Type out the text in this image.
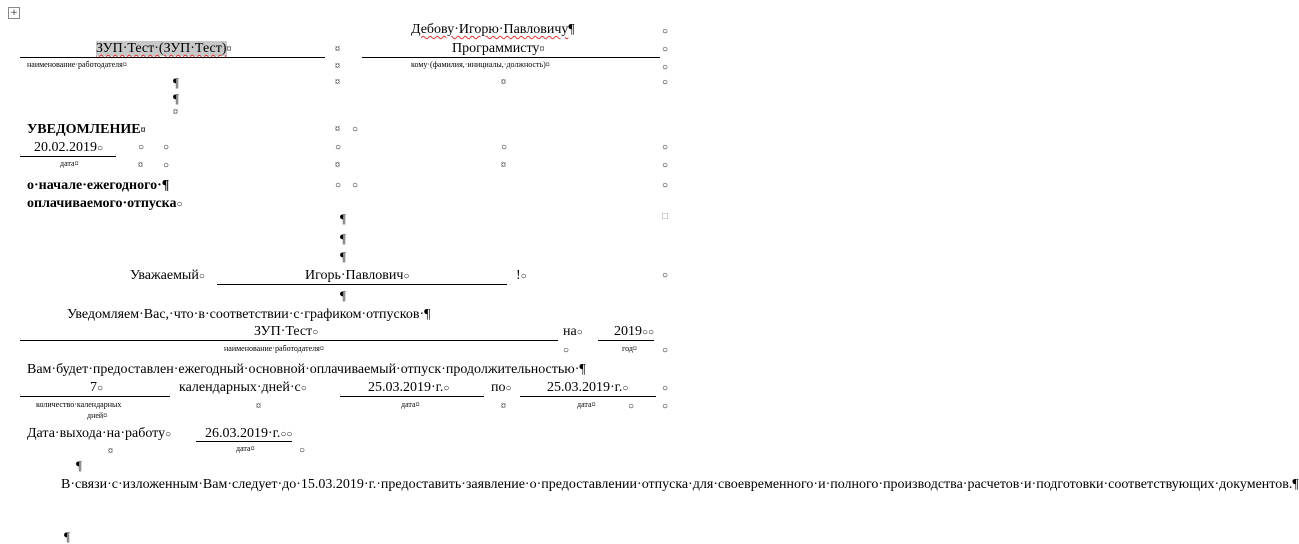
+
Дебову·Игорю·Павловичу¶	○
ЗУП·Тест·(ЗУП·Тест)¤	¤	Программисту¤	○
наименование·работодателя¤	¤	кому·(фамилия,·инициалы,·должность)¤	○
¶	¤	¤	○
¶
¤
УВЕДОМЛЕНИЕ¤	¤ ○
20.02.2019○	○ ○	○	○	○
дата¤	¤ ○	¤	¤	○
о·начале·ежегодного·¶	○ ○	○
оплачиваемого·отпуска○
¶	□
¶
¶
Уважаемый○	Игорь·Павлович○	!○	○
¶
Уведомляем·Вас,·что·в·соответствии·с·графиком·отпусков·¶
ЗУП·Тест○	на○ 2019○○
наименование·работодателя¤	○	год¤	○
Вам·будет·предоставлен·ежегодный·основной·оплачиваемый·отпуск·продолжительностью·¶
7○	календарных·дней·с○	25.03.2019·г.○	по○	25.03.2019·г.○	○
количество·календарных
дней¤
¤	дата¤	¤	дата¤	○	○
Дата·выхода·на·работу○ 26.03.2019·г.○○
¤	дата¤	○
¶
В·связи·с·изложенным·Вам·следует·до·15.03.2019·г.·предоставить·заявление·о·предоставлении·отпуска·для·своевременного·и·полного·производства·расчетов·и·подготовки·соответствующих·документов.¶
¶
